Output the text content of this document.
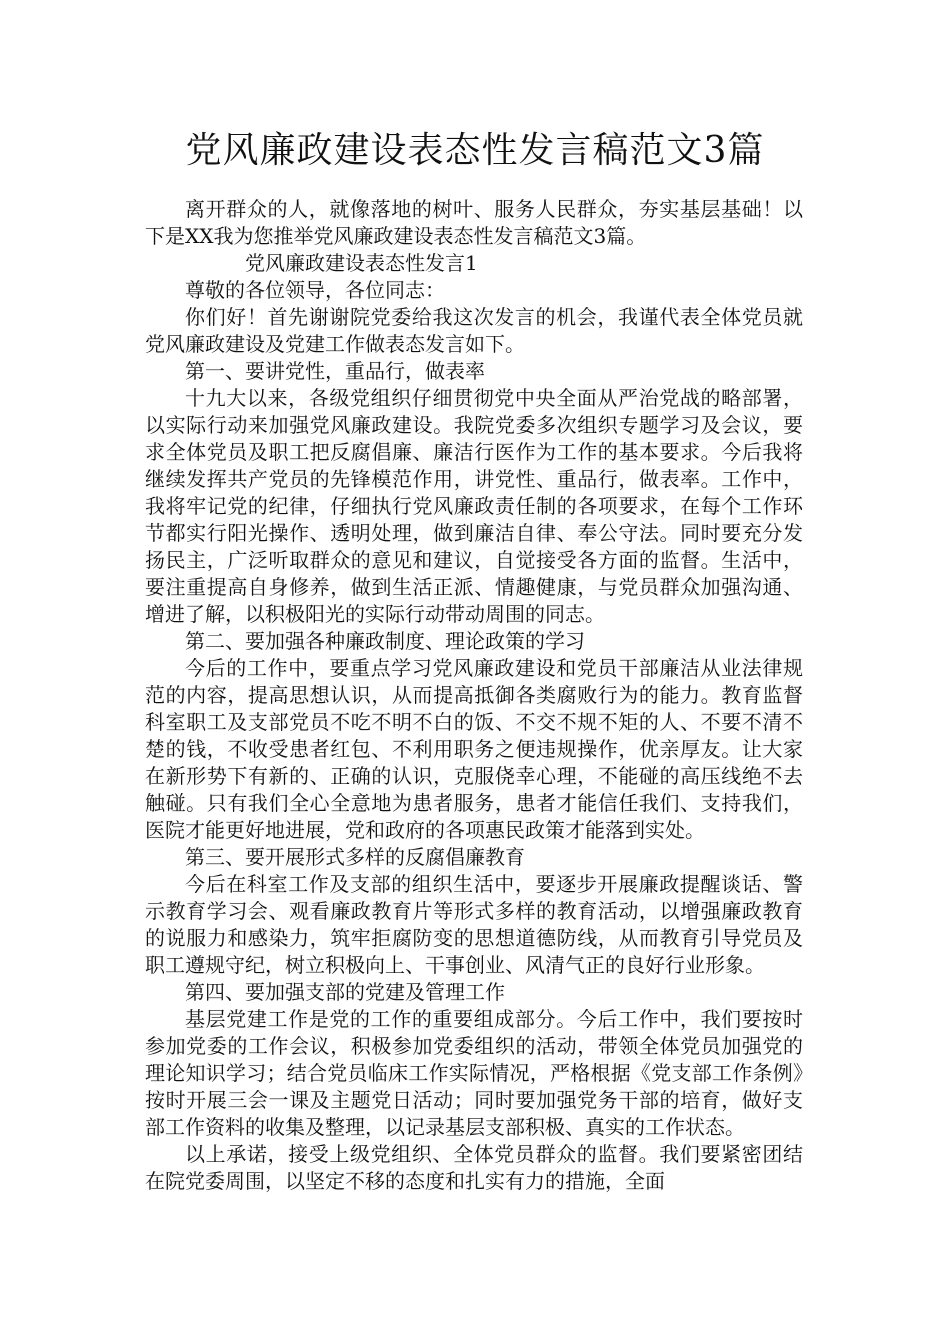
党风廉政建设表态性发言稿范文3篇

离开群众的人，就像落地的树叶、服务人民群众，夯实基层基础！以下是XX我为您推举党风廉政建设表态性发言稿范文3篇。

党风廉政建设表态性发言1

尊敬的各位领导，各位同志：

你们好！首先谢谢院党委给我这次发言的机会，我谨代表全体党员就党风廉政建设及党建工作做表态发言如下。

第一、要讲党性，重品行，做表率

十九大以来，各级党组织仔细贯彻党中央全面从严治党战的略部署，以实际行动来加强党风廉政建设。我院党委多次组织专题学习及会议，要求全体党员及职工把反腐倡廉、廉洁行医作为工作的基本要求。今后我将继续发挥共产党员的先锋模范作用，讲党性、重品行，做表率。工作中，我将牢记党的纪律，仔细执行党风廉政责任制的各项要求，在每个工作环节都实行阳光操作、透明处理，做到廉洁自律、奉公守法。同时要充分发扬民主，广泛听取群众的意见和建议，自觉接受各方面的监督。生活中，要注重提高自身修养，做到生活正派、情趣健康，与党员群众加强沟通、增进了解，以积极阳光的实际行动带动周围的同志。

第二、要加强各种廉政制度、理论政策的学习

今后的工作中，要重点学习党风廉政建设和党员干部廉洁从业法律规范的内容，提高思想认识，从而提高抵御各类腐败行为的能力。教育监督科室职工及支部党员不吃不明不白的饭、不交不规不矩的人、不要不清不楚的钱，不收受患者红包、不利用职务之便违规操作，优亲厚友。让大家在新形势下有新的、正确的认识，克服侥幸心理，不能碰的高压线绝不去触碰。只有我们全心全意地为患者服务，患者才能信任我们、支持我们，医院才能更好地进展，党和政府的各项惠民政策才能落到实处。

第三、要开展形式多样的反腐倡廉教育

今后在科室工作及支部的组织生活中，要逐步开展廉政提醒谈话、警示教育学习会、观看廉政教育片等形式多样的教育活动，以增强廉政教育的说服力和感染力，筑牢拒腐防变的思想道德防线，从而教育引导党员及职工遵规守纪，树立积极向上、干事创业、风清气正的良好行业形象。

第四、要加强支部的党建及管理工作

基层党建工作是党的工作的重要组成部分。今后工作中，我们要按时参加党委的工作会议，积极参加党委组织的活动，带领全体党员加强党的理论知识学习；结合党员临床工作实际情况，严格根据《党支部工作条例》按时开展三会一课及主题党日活动；同时要加强党务干部的培育，做好支部工作资料的收集及整理，以记录基层支部积极、真实的工作状态。

以上承诺，接受上级党组织、全体党员群众的监督。我们要紧密团结在院党委周围，以坚定不移的态度和扎实有力的措施，全面
